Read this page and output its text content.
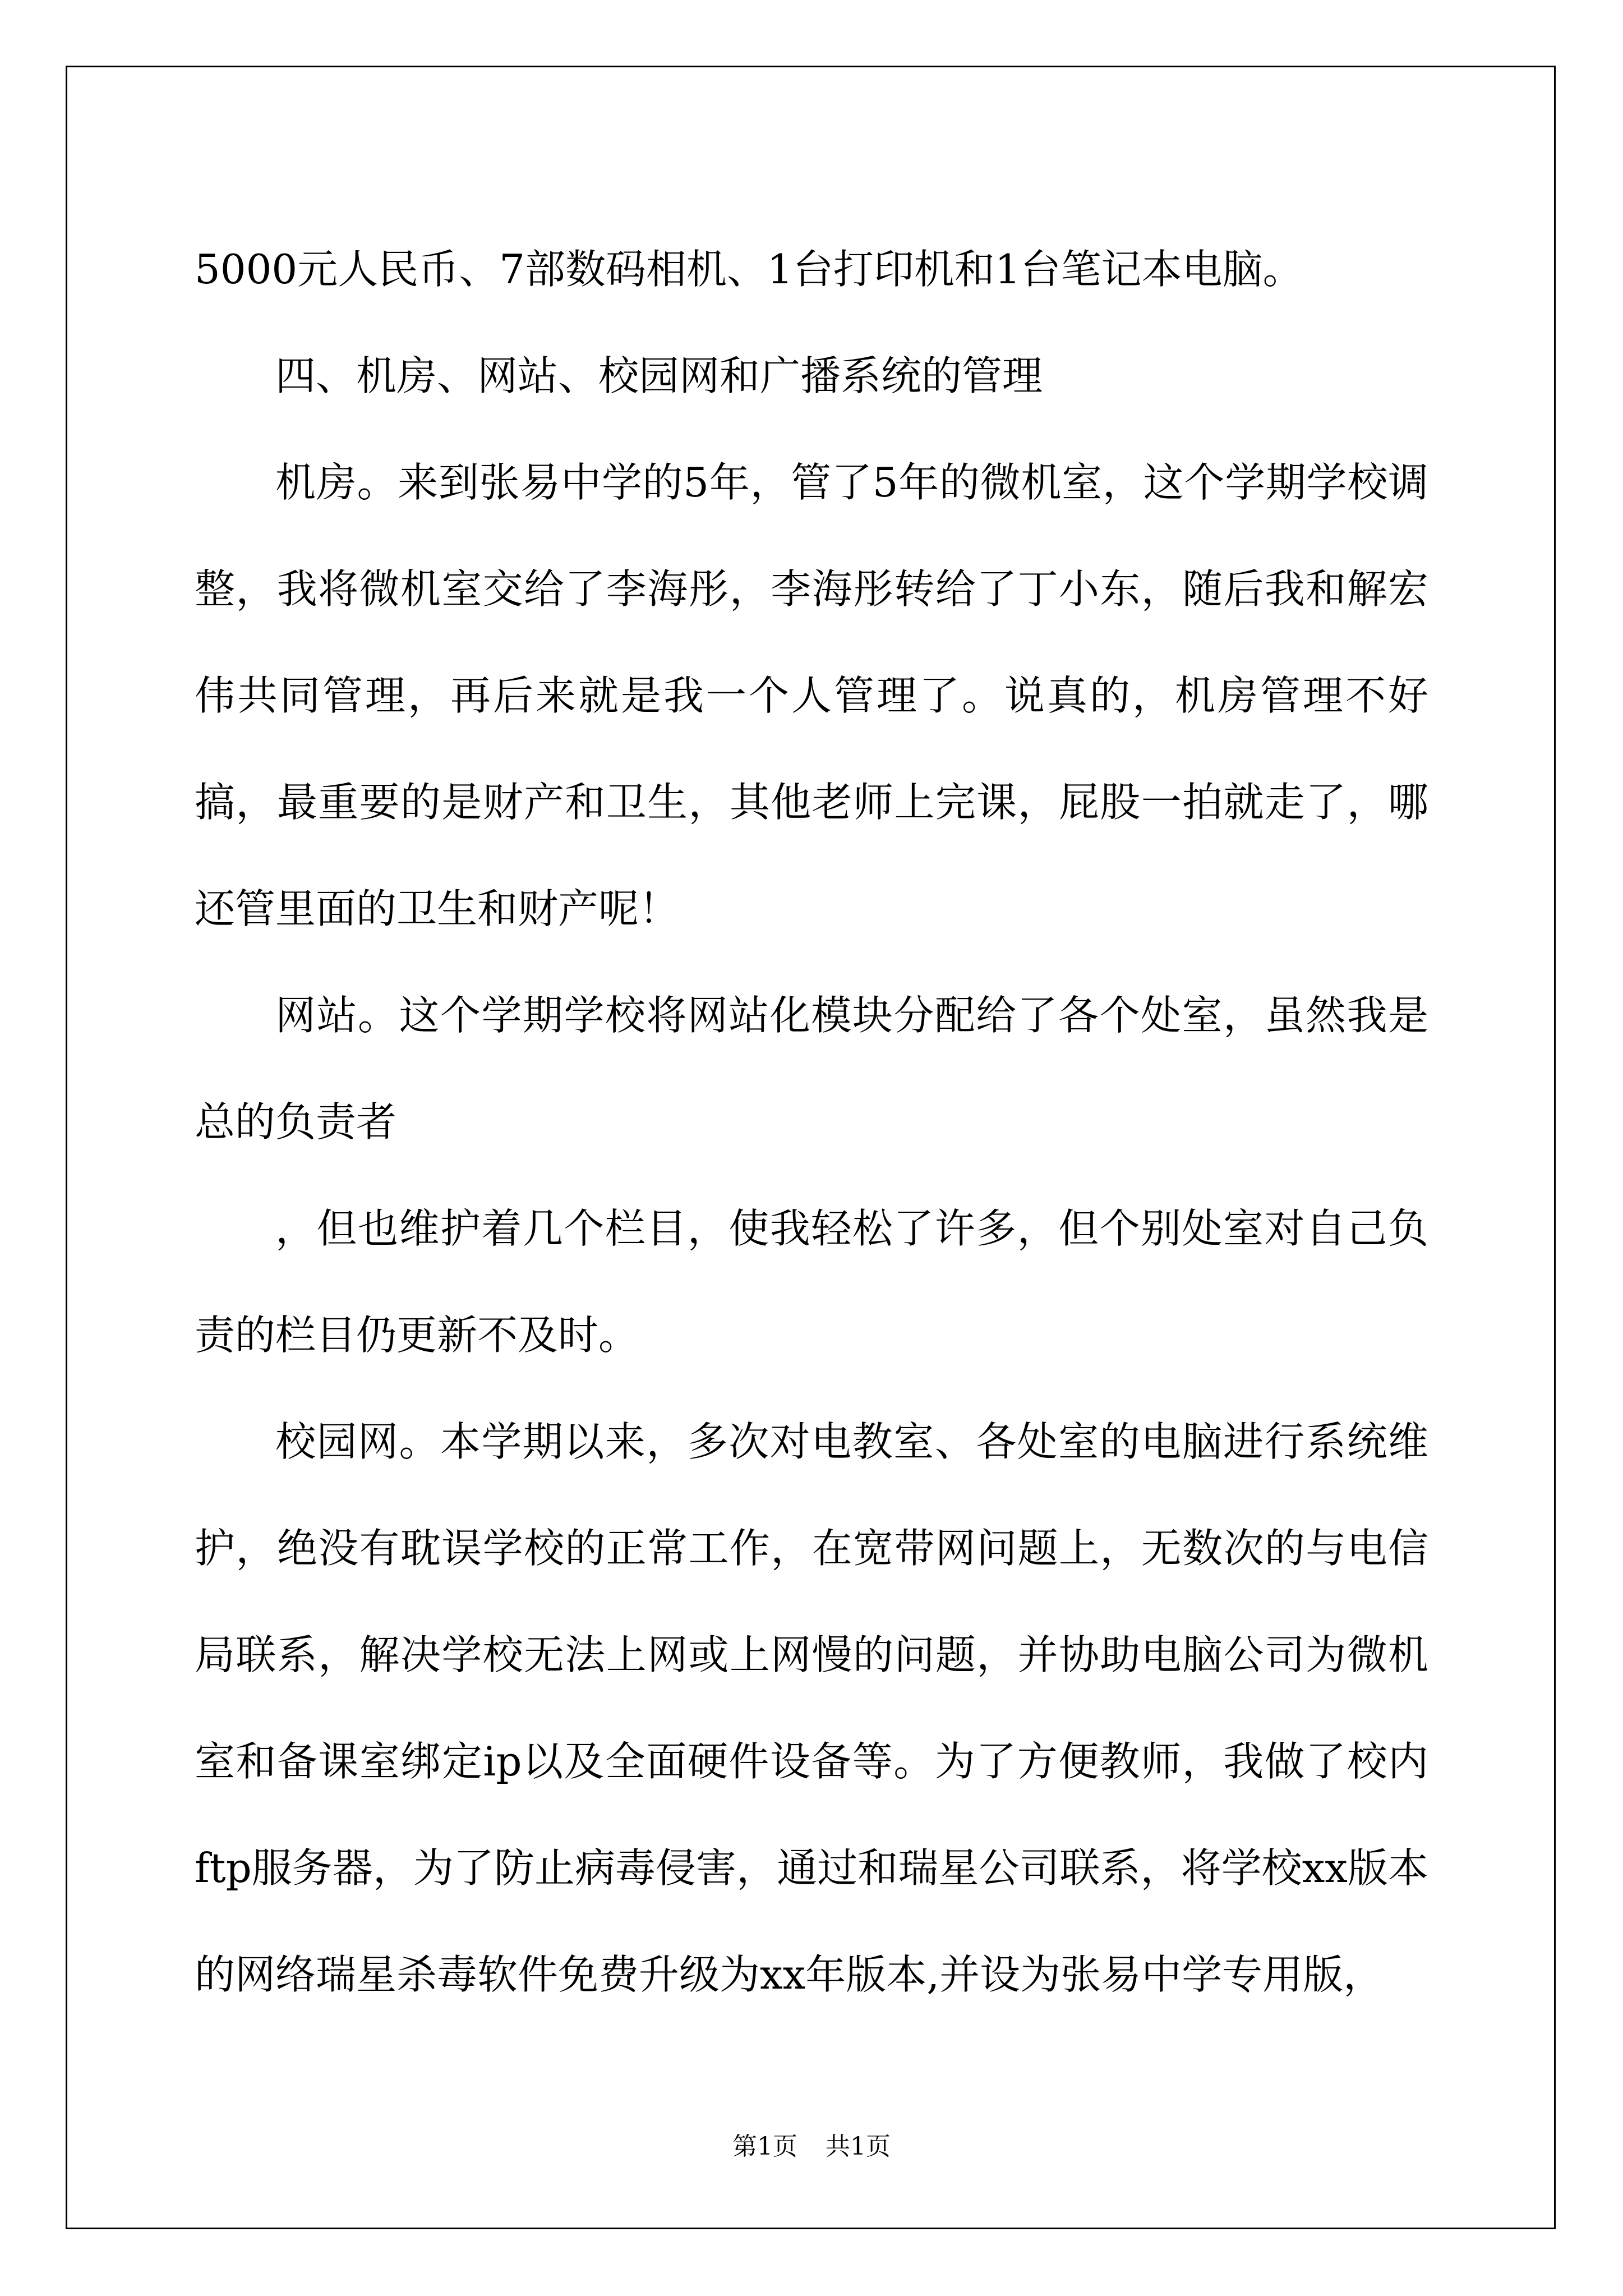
5000元人民币、7部数码相机、1台打印机和1台笔记本电脑。

四、机房、网站、校园网和广播系统的管理

机房。来到张易中学的5年，管了5年的微机室，这个学期学校调整，我将微机室交给了李海彤，李海彤转给了丁小东，随后我和解宏伟共同管理，再后来就是我一个人管理了。说真的，机房管理不好搞，最重要的是财产和卫生，其他老师上完课，屁股一拍就走了，哪还管里面的卫生和财产呢！

网站。这个学期学校将网站化模块分配给了各个处室，虽然我是总的负责者

，但也维护着几个栏目，使我轻松了许多，但个别处室对自己负责的栏目仍更新不及时。

校园网。本学期以来，多次对电教室、各处室的电脑进行系统维护，绝没有耽误学校的正常工作，在宽带网问题上，无数次的与电信局联系，解决学校无法上网或上网慢的问题，并协助电脑公司为微机室和备课室绑定ip以及全面硬件设备等。为了方便教师，我做了校内ftp服务器，为了防止病毒侵害，通过和瑞星公司联系，将学校xx版本的网络瑞星杀毒软件免费升级为xx年版本,并设为张易中学专用版，

第1页 共1页
